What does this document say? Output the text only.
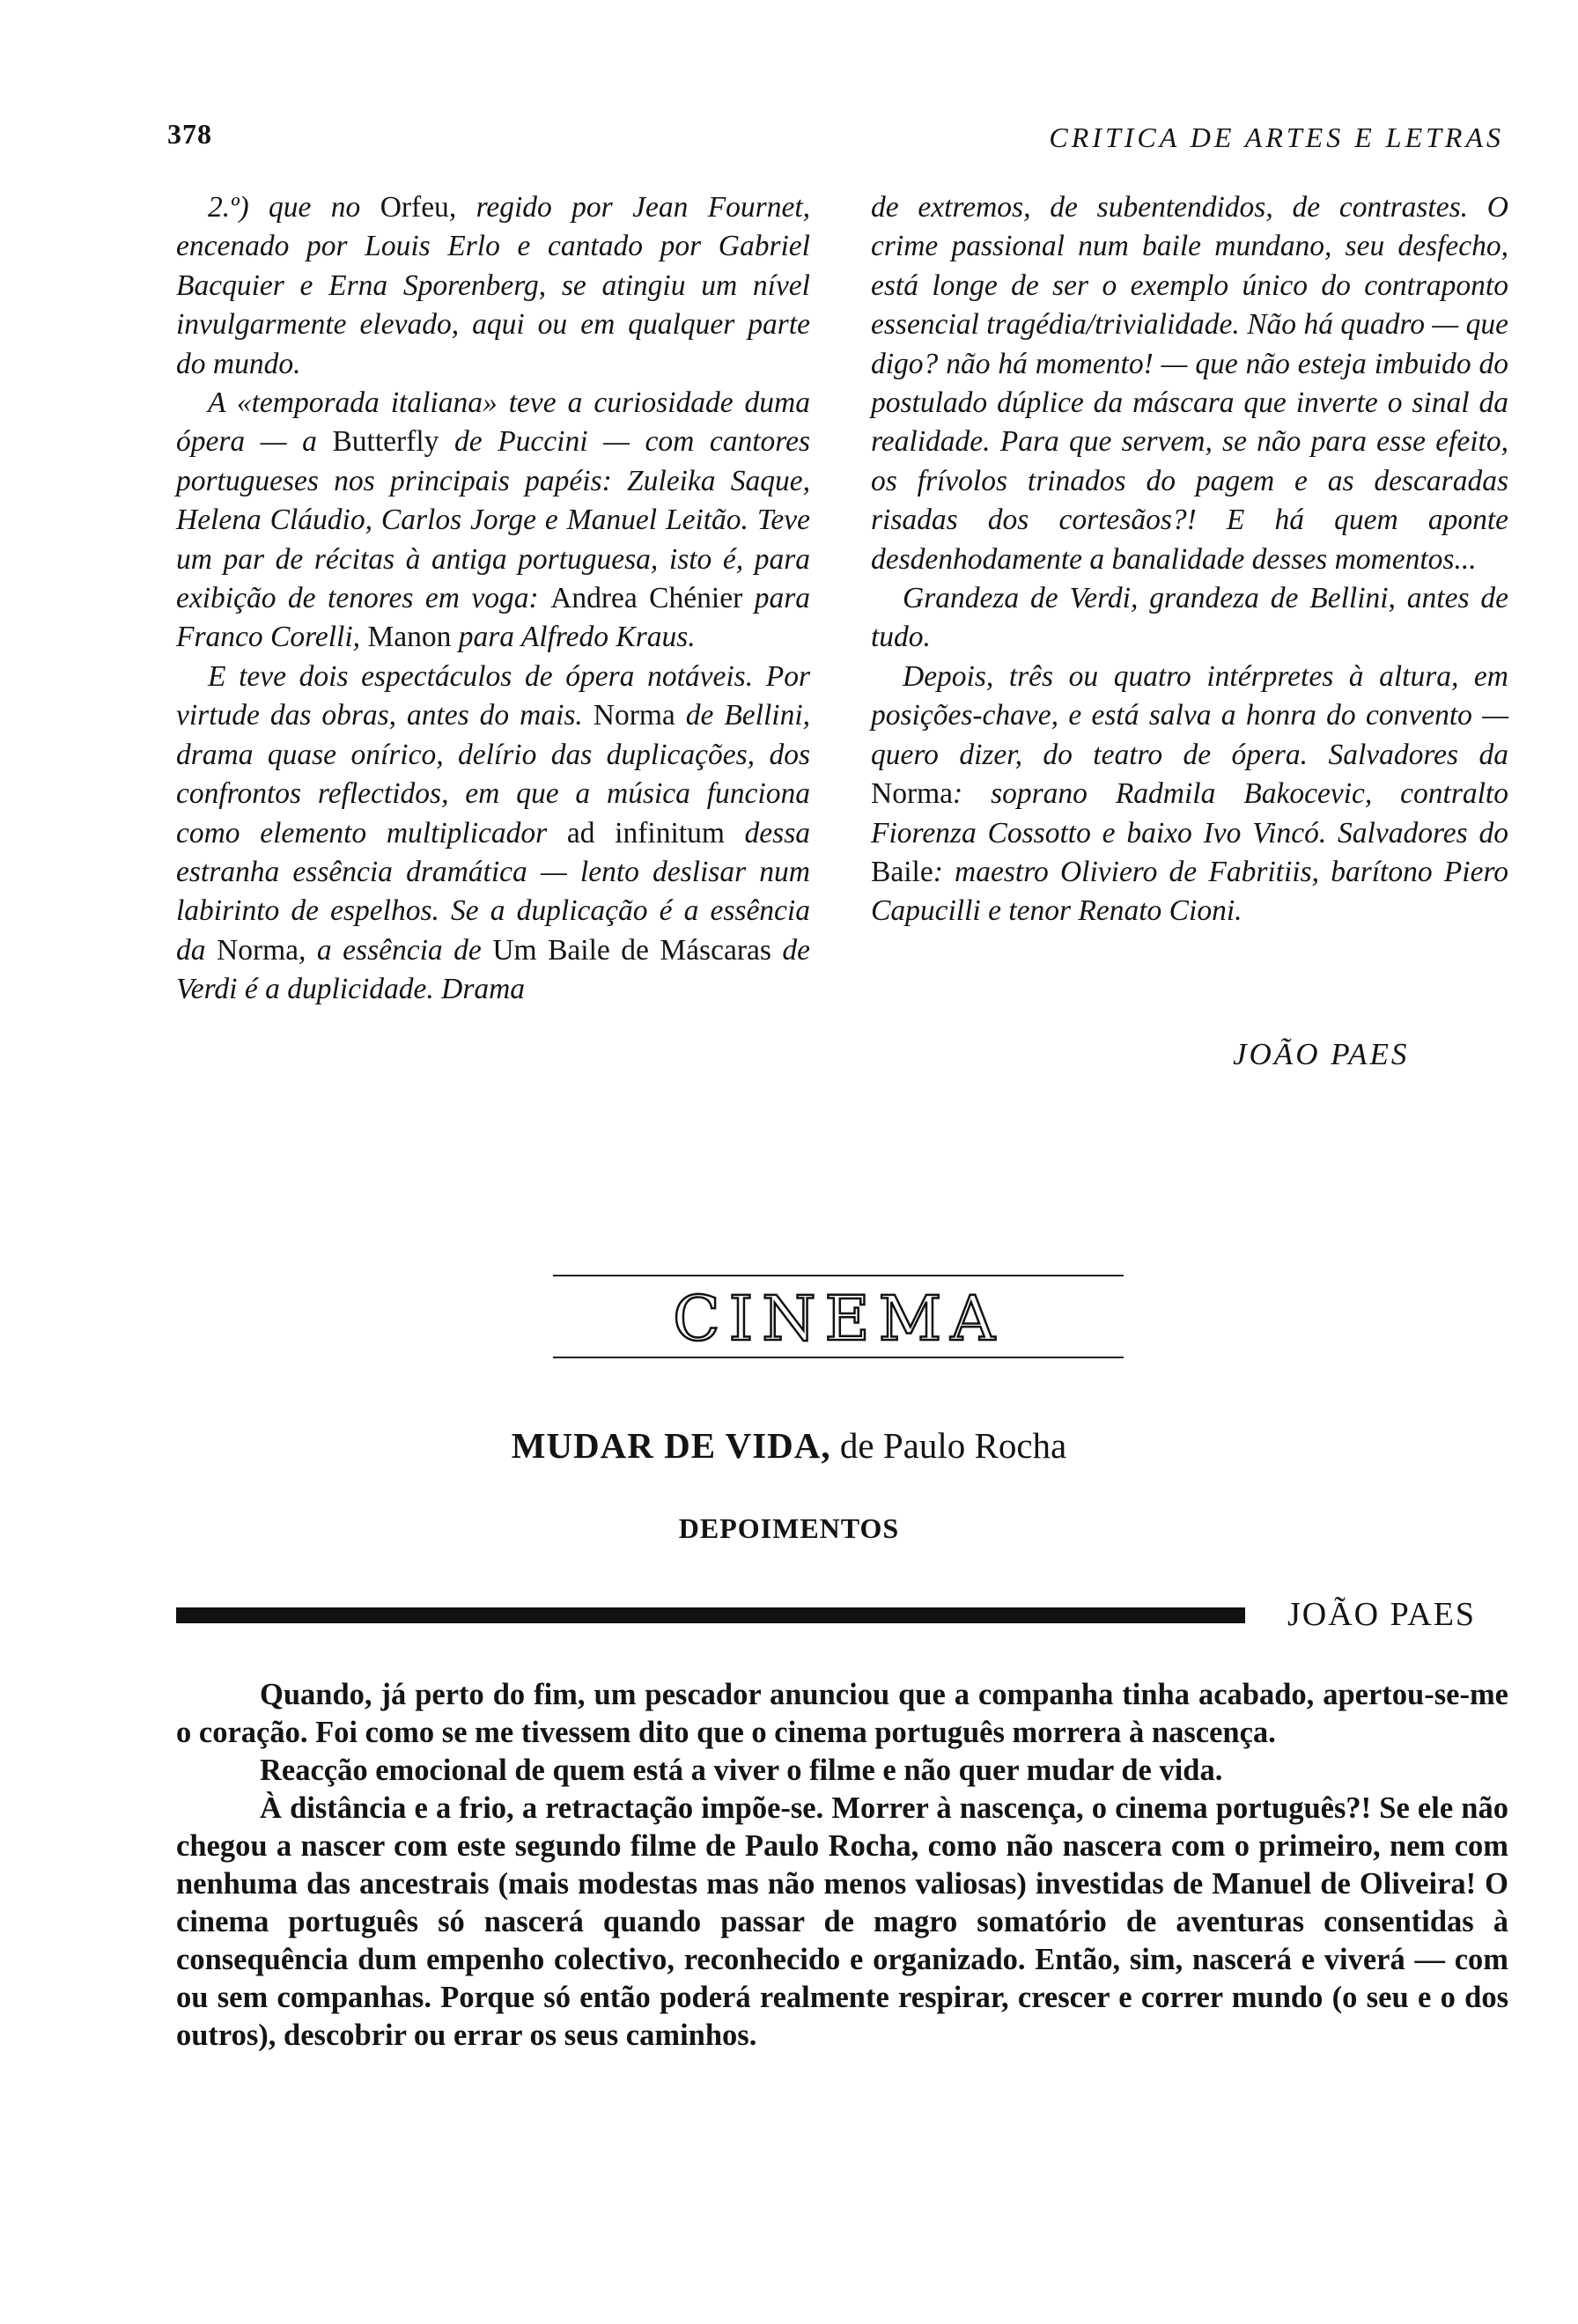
378	CRITICA DE ARTES E LETRAS

2.º) que no Orfeu, regido por Jean Fournet, encenado por Louis Erlo e cantado por Gabriel Bacquier e Erna Sporenberg, se atingiu um nível invulgarmente elevado, aqui ou em qualquer parte do mundo.

A «temporada italiana» teve a curiosidade duma ópera — a Butterfly de Puccini — com cantores portugueses nos principais papéis: Zuleika Saque, Helena Cláudio, Carlos Jorge e Manuel Leitão. Teve um par de récitas à antiga portuguesa, isto é, para exibição de tenores em voga: Andrea Chénier para Franco Corelli, Manon para Alfredo Kraus.

E teve dois espectáculos de ópera notáveis. Por virtude das obras, antes do mais. Norma de Bellini, drama quase onírico, delírio das duplicações, dos confrontos reflectidos, em que a música funciona como elemento multiplicador ad infinitum dessa estranha essência dramática — lento deslisar num labirinto de espelhos. Se a duplicação é a essência da Norma, a essência de Um Baile de Máscaras de Verdi é a duplicidade. Drama

de extremos, de subentendidos, de contrastes. O crime passional num baile mundano, seu desfecho, está longe de ser o exemplo único do contraponto essencial tragédia/trivialidade. Não há quadro — que digo? não há momento! — que não esteja imbuido do postulado dúplice da máscara que inverte o sinal da realidade. Para que servem, se não para esse efeito, os frívolos trinados do pagem e as descaradas risadas dos cortesãos?! E há quem aponte desdenhodamente a banalidade desses momentos...

Grandeza de Verdi, grandeza de Bellini, antes de tudo.

Depois, três ou quatro intérpretes à altura, em posições-chave, e está salva a honra do convento — quero dizer, do teatro de ópera. Salvadores da Norma: soprano Radmila Bakocevic, contralto Fiorenza Cossotto e baixo Ivo Vincó. Salvadores do Baile: maestro Oliviero de Fabritiis, barítono Piero Capucilli e tenor Renato Cioni.

JOÃO PAES
CINEMA
MUDAR DE VIDA, de Paulo Rocha
DEPOIMENTOS
JOÃO PAES

Quando, já perto do fim, um pescador anunciou que a companha tinha acabado, apertou-se-me o coração. Foi como se me tivessem dito que o cinema português morrera à nascença.

Reacção emocional de quem está a viver o filme e não quer mudar de vida.

À distância e a frio, a retractação impõe-se. Morrer à nascença, o cinema português?! Se ele não chegou a nascer com este segundo filme de Paulo Rocha, como não nascera com o primeiro, nem com nenhuma das ancestrais (mais modestas mas não menos valiosas) investidas de Manuel de Oliveira! O cinema português só nascerá quando passar de magro somatório de aventuras consentidas à consequência dum empenho colectivo, reconhecido e organizado. Então, sim, nascerá e viverá — com ou sem companhas. Porque só então poderá realmente respirar, crescer e correr mundo (o seu e o dos outros), descobrir ou errar os seus caminhos.
